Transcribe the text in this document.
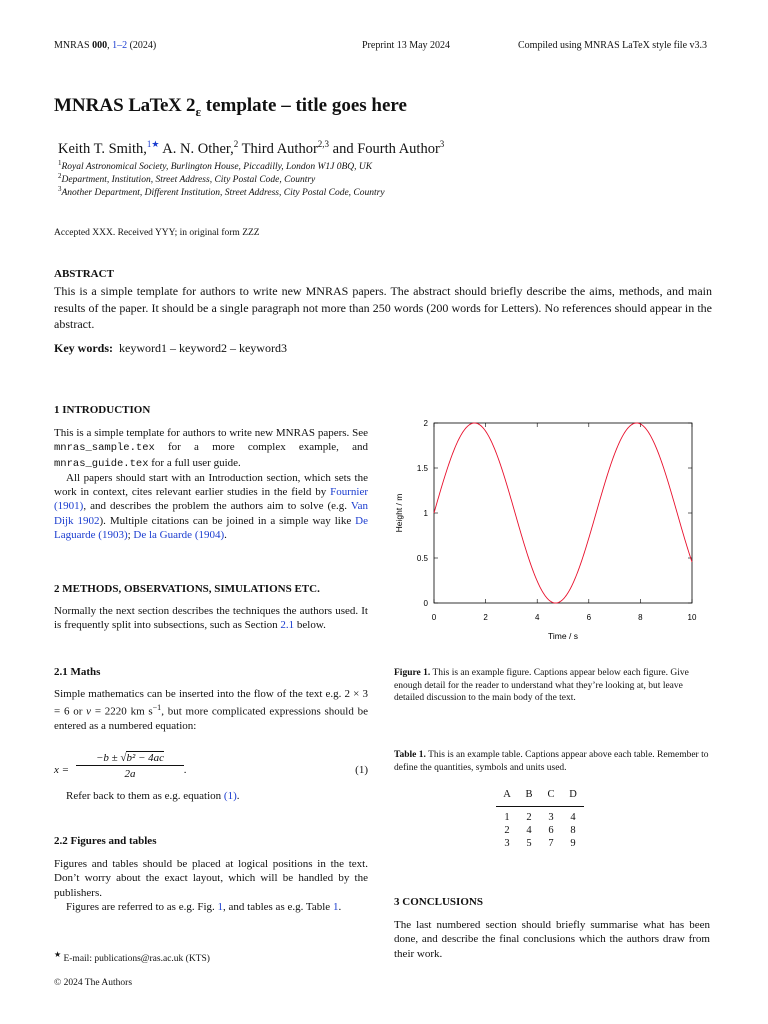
MNRAS 000, 1–2 (2024)	Preprint 13 May 2024	Compiled using MNRAS LaTeX style file v3.3
MNRAS LaTeX $2_\varepsilon$ template – title goes here
Keith T. Smith,$^{1★}$ A. N. Other,$^2$ Third Author$^{2,3}$ and Fourth Author$^3$
$^1$Royal Astronomical Society, Burlington House, Piccadilly, London W1J 0BQ, UK
$^2$Department, Institution, Street Address, City Postal Code, Country
$^3$Another Department, Different Institution, Street Address, City Postal Code, Country
Accepted XXX. Received YYY; in original form ZZZ
ABSTRACT
This is a simple template for authors to write new MNRAS papers. The abstract should briefly describe the aims, methods, and main results of the paper. It should be a single paragraph not more than 250 words (200 words for Letters). No references should appear in the abstract.
Key words: keyword1 – keyword2 – keyword3
1 INTRODUCTION
This is a simple template for authors to write new MNRAS papers. See mnras_sample.tex for a more complex example, and mnras_guide.tex for a full user guide.
All papers should start with an Introduction section, which sets the work in context, cites relevant earlier studies in the field by Fournier (1901), and describes the problem the authors aim to solve (e.g. Van Dijk 1902). Multiple citations can be joined in a simple way like De Laguarde (1903); De la Guarde (1904).
2 METHODS, OBSERVATIONS, SIMULATIONS ETC.
Normally the next section describes the techniques the authors used. It is frequently split into subsections, such as Section 2.1 below.
2.1 Maths
Simple mathematics can be inserted into the flow of the text e.g. 2 × 3 = 6 or v = 2220 km $s^{-1}$, but more complicated expressions should be entered as a numbered equation:
$x = \frac{\text{−b ± √b² − 4ac}}{2a}$ .	(1)
Refer back to them as e.g. equation (1).
2.2 Figures and tables
Figures and tables should be placed at logical positions in the text. Don’t worry about the exact layout, which will be handled by the publishers.
Figures are referred to as e.g. Fig. 1, and tables as e.g. Table 1.
★ E-mail: publications@ras.ac.uk (KTS)
© 2024 The Authors
0	2	4	6	8	10
0
0.5
1
1.5
2
Time / s
Height / m
Figure 1. This is an example figure. Captions appear below each figure. Give enough detail for the reader to understand what they’re looking at, but leave detailed discussion to the main body of the text.
Table 1. This is an example table. Captions appear above each table. Remember to define the quantities, symbols and units used.
A	B	C	D
1	2	3	4
2	4	6	8
3	5	7	9
3 CONCLUSIONS
The last numbered section should briefly summarise what has been done, and describe the final conclusions which the authors draw from their work.
